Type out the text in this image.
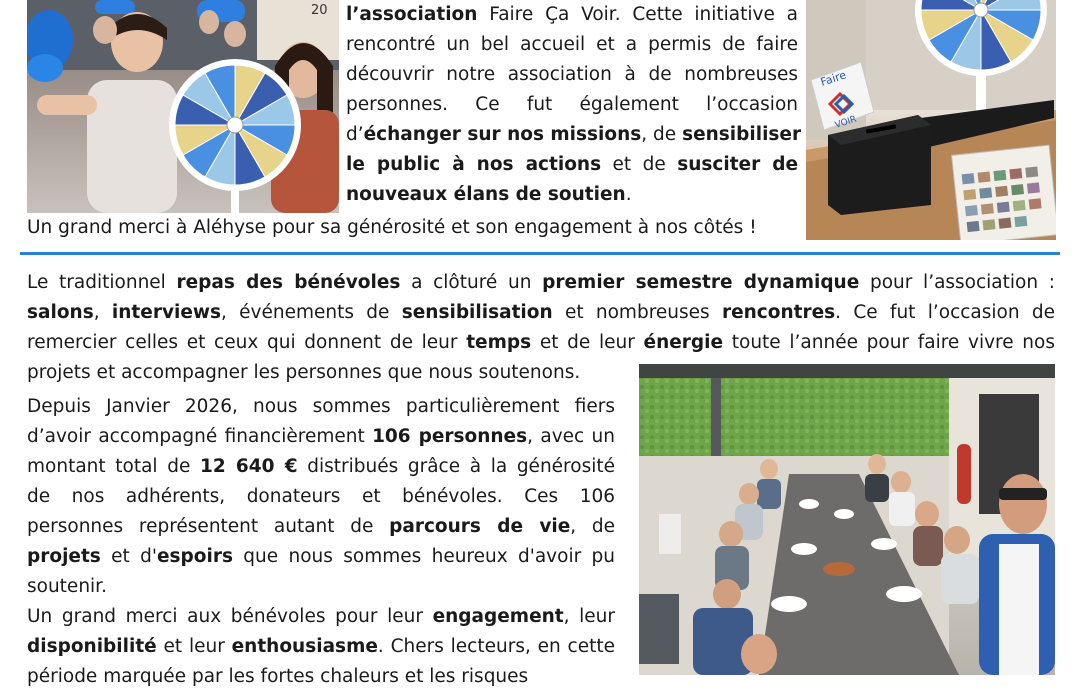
20
Faire
VOIR
l’association Faire Ça Voir. Cette initiative a
rencontré un bel accueil et a permis de faire
découvrir notre association à de nombreuses
personnes. Ce fut également l’occasion
d’échanger sur nos missions, de sensibiliser
le public à nos actions et de susciter de
nouveaux élans de soutien.
Un grand merci à Aléhyse pour sa générosité et son engagement à nos côtés !
Le traditionnel repas des bénévoles a clôturé un premier semestre dynamique pour l’association :
salons, interviews, événements de sensibilisation et nombreuses rencontres. Ce fut l’occasion de
remercier celles et ceux qui donnent de leur temps et de leur énergie toute l’année pour faire vivre nos
projets et accompagner les personnes que nous soutenons.
Depuis Janvier 2026, nous sommes particulièrement fiers
d’avoir accompagné financièrement 106 personnes, avec un
montant total de 12 640 € distribués grâce à la générosité
de nos adhérents, donateurs et bénévoles. Ces 106
personnes représentent autant de parcours de vie, de
projets et d'espoirs que nous sommes heureux d'avoir pu
soutenir.
Un grand merci aux bénévoles pour leur engagement, leur
disponibilité et leur enthousiasme. Chers lecteurs, en cette
période marquée par les fortes chaleurs et les risques
